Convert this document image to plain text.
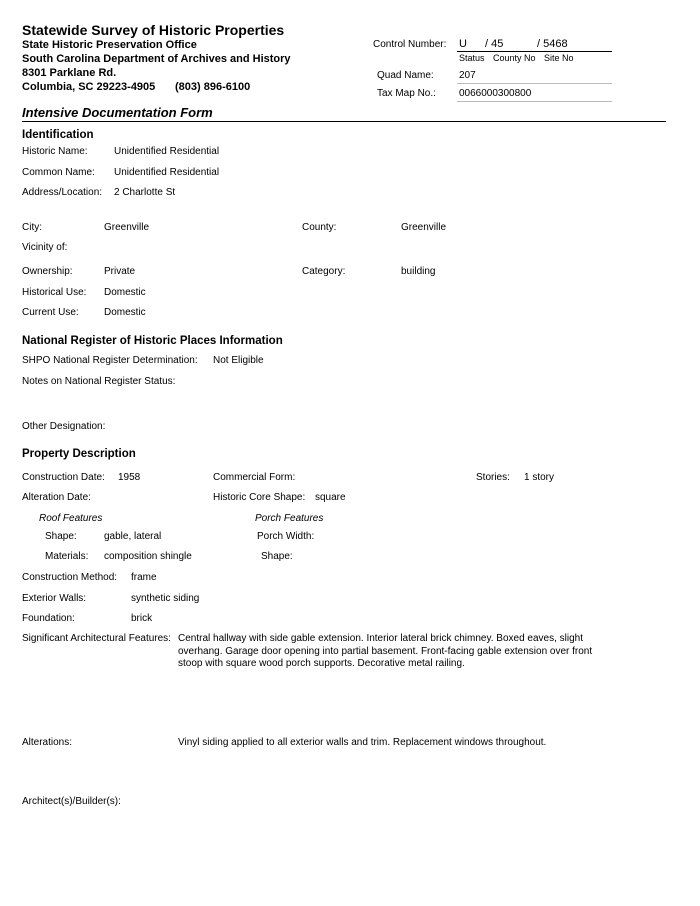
Statewide Survey of Historic Properties
State Historic Preservation Office
South Carolina Department of Archives and History
8301 Parklane Rd.
Columbia, SC 29223-4905 (803) 896-6100
Control Number: U / 45	/ 5468
Status County No Site No
Quad Name:	207
Tax Map No.: 0066000300800
Intensive Documentation Form
Identification
Historic Name:	Unidentified Residential
Common Name: Unidentified Residential
Address/Location: 2 Charlotte St
City:	Greenville	County:	Greenville
Vicinity of:
Ownership:	Private	Category:	building
Historical Use: Domestic
Current Use:	Domestic
National Register of Historic Places Information
SHPO National Register Determination: Not Eligible
Notes on National Register Status:
Other Designation:
Property Description
Construction Date: 1958	Commercial Form:	Stories: 1 story
Alteration Date:	Historic Core Shape: square
Roof Features	Porch Features
Shape:	gable, lateral	Porch Width:
Materials: composition shingle	Shape:
Construction Method: frame
Exterior Walls:	synthetic siding
Foundation:	brick
Significant Architectural Features: Central hallway with side gable extension. Interior lateral brick chimney. Boxed eaves, slight overhang. Garage door opening into partial basement. Front-facing gable extension over front stoop with square wood porch supports. Decorative metal railing.
Alterations:	Vinyl siding applied to all exterior walls and trim. Replacement windows throughout.
Architect(s)/Builder(s):
